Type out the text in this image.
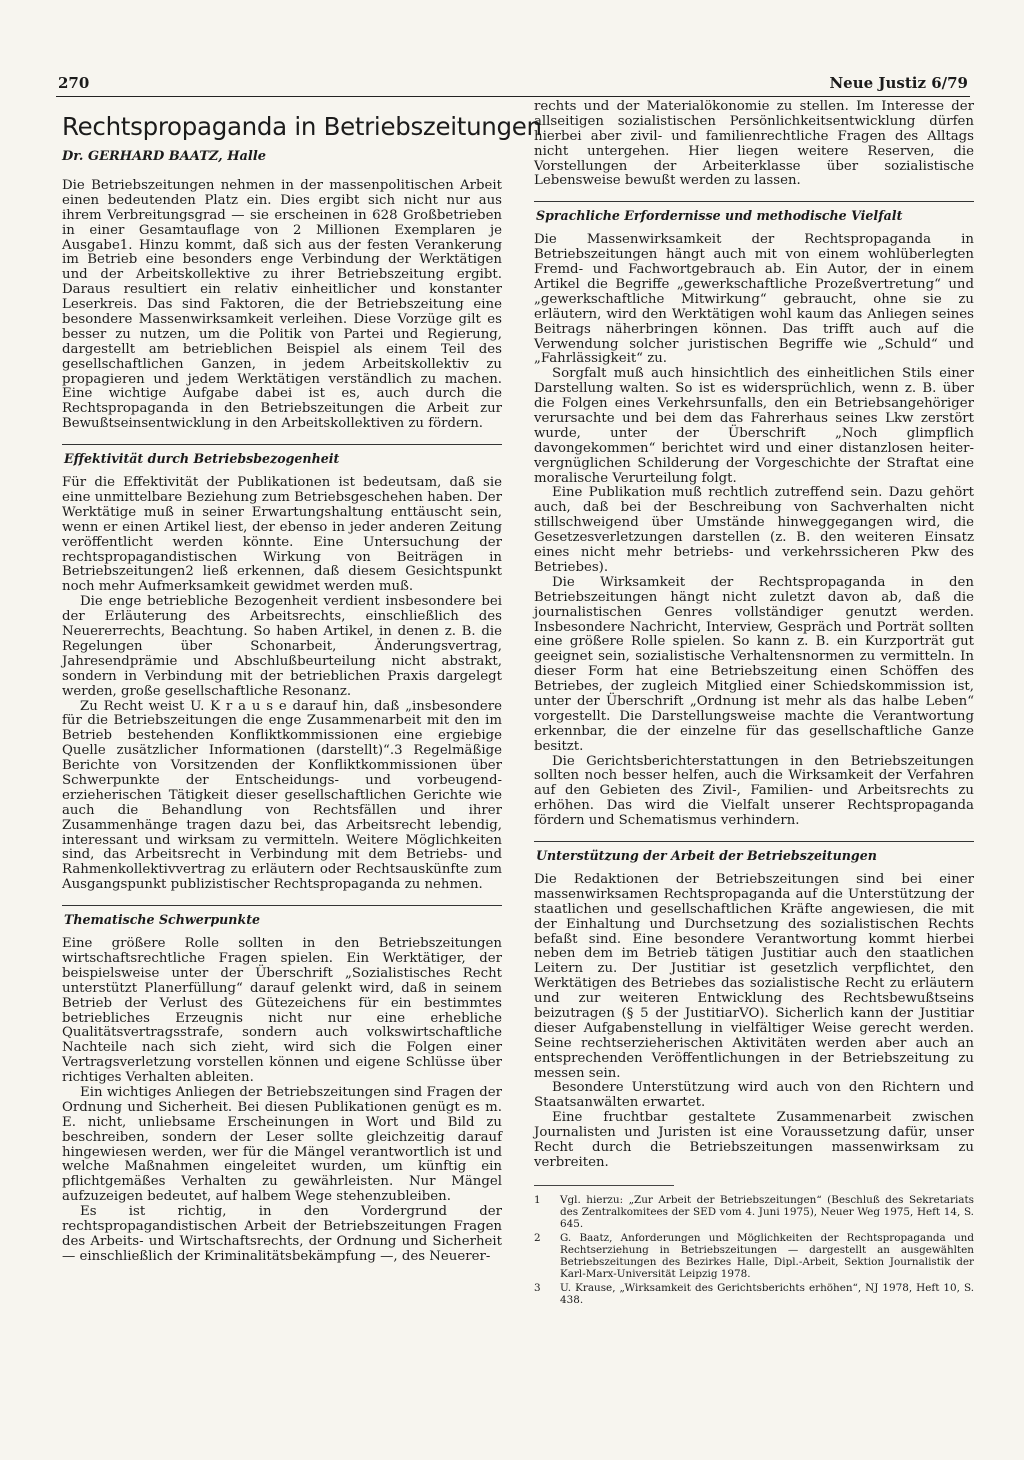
270	Neue Justiz 6/79
Rechtspropaganda in Betriebszeitungen
Dr. GERHARD BAATZ, Halle

Die Betriebszeitungen nehmen in der massenpolitischen Arbeit einen bedeutenden Platz ein. Dies ergibt sich nicht nur aus ihrem Verbreitungsgrad — sie erscheinen in 628 Großbetrieben in einer Gesamtauflage von 2 Millionen Exemplaren je Ausgabe1. Hinzu kommt, daß sich aus der festen Verankerung im Betrieb eine besonders enge Verbindung der Werktätigen und der Arbeitskollektive zu ihrer Betriebszeitung ergibt. Daraus resultiert ein relativ einheitlicher und konstanter Leserkreis. Das sind Faktoren, die der Betriebszeitung eine besondere Massenwirksamkeit verleihen. Diese Vorzüge gilt es besser zu nutzen, um die Politik von Partei und Regierung, dargestellt am betrieblichen Beispiel als einem Teil des gesellschaftlichen Ganzen, in jedem Arbeitskollektiv zu propagieren und jedem Werktätigen verständlich zu machen. Eine wichtige Aufgabe dabei ist es, auch durch die Rechtspropaganda in den Betriebszeitungen die Arbeit zur Bewußtseinsentwicklung in den Arbeitskollektiven zu fördern.

Effektivität durch Betriebsbezogenheit

Für die Effektivität der Publikationen ist bedeutsam, daß sie eine unmittelbare Beziehung zum Betriebsgeschehen haben. Der Werktätige muß in seiner Erwartungshaltung enttäuscht sein, wenn er einen Artikel liest, der ebenso in jeder anderen Zeitung veröffentlicht werden könnte. Eine Untersuchung der rechtspropagandistischen Wirkung von Beiträgen in Betriebszeitungen2 ließ erkennen, daß diesem Gesichtspunkt noch mehr Aufmerksamkeit gewidmet werden muß.

Die enge betriebliche Bezogenheit verdient insbesondere bei der Erläuterung des Arbeitsrechts, einschließlich des Neuererrechts, Beachtung. So haben Artikel, in denen z. B. die Regelungen über Schonarbeit, Änderungsvertrag, Jahresendprämie und Abschlußbeurteilung nicht abstrakt, sondern in Verbindung mit der betrieblichen Praxis dargelegt werden, große gesellschaftliche Resonanz.

Zu Recht weist U. K r a u s e darauf hin, daß „insbesondere für die Betriebszeitungen die enge Zusammenarbeit mit den im Betrieb bestehenden Konfliktkommissionen eine ergiebige Quelle zusätzlicher Informationen (darstellt)“.3 Regelmäßige Berichte von Vorsitzenden der Konfliktkommissionen über Schwerpunkte der Entscheidungs- und vorbeugend-erzieherischen Tätigkeit dieser gesellschaftlichen Gerichte wie auch die Behandlung von Rechtsfällen und ihrer Zusammenhänge tragen dazu bei, das Arbeitsrecht lebendig, interessant und wirksam zu vermitteln. Weitere Möglichkeiten sind, das Arbeitsrecht in Verbindung mit dem Betriebs- und Rahmenkollektivvertrag zu erläutern oder Rechtsauskünfte zum Ausgangspunkt publizistischer Rechtspropaganda zu nehmen.

Thematische Schwerpunkte

Eine größere Rolle sollten in den Betriebszeitungen wirtschaftsrechtliche Fragen spielen. Ein Werktätiger, der beispielsweise unter der Überschrift „Sozialistisches Recht unterstützt Planerfüllung“ darauf gelenkt wird, daß in seinem Betrieb der Verlust des Gütezeichens für ein bestimmtes betriebliches Erzeugnis nicht nur eine erhebliche Qualitätsvertragsstrafe, sondern auch volkswirtschaftliche Nachteile nach sich zieht, wird sich die Folgen einer Vertragsverletzung vorstellen können und eigene Schlüsse über richtiges Verhalten ableiten.

Ein wichtiges Anliegen der Betriebszeitungen sind Fragen der Ordnung und Sicherheit. Bei diesen Publikationen genügt es m. E. nicht, unliebsame Erscheinungen in Wort und Bild zu beschreiben, sondern der Leser sollte gleichzeitig darauf hingewiesen werden, wer für die Mängel verantwortlich ist und welche Maßnahmen eingeleitet wurden, um künftig ein pflichtgemäßes Verhalten zu gewährleisten. Nur Mängel aufzuzeigen bedeutet, auf halbem Wege stehenzubleiben.

Es ist richtig, in den Vordergrund der rechtspropagandistischen Arbeit der Betriebszeitungen Fragen des Arbeits- und Wirtschaftsrechts, der Ordnung und Sicherheit — einschließlich der Kriminalitätsbekämpfung —, des Neuerer-

rechts und der Materialökonomie zu stellen. Im Interesse der allseitigen sozialistischen Persönlichkeitsentwicklung dürfen hierbei aber zivil- und familienrechtliche Fragen des Alltags nicht untergehen. Hier liegen weitere Reserven, die Vorstellungen der Arbeiterklasse über sozialistische Lebensweise bewußt werden zu lassen.

Sprachliche Erfordernisse und methodische Vielfalt

Die Massenwirksamkeit der Rechtspropaganda in Betriebszeitungen hängt auch mit von einem wohlüberlegten Fremd- und Fachwortgebrauch ab. Ein Autor, der in einem Artikel die Begriffe „gewerkschaftliche Prozeßvertretung“ und „gewerkschaftliche Mitwirkung“ gebraucht, ohne sie zu erläutern, wird den Werktätigen wohl kaum das Anliegen seines Beitrags näherbringen können. Das trifft auch auf die Verwendung solcher juristischen Begriffe wie „Schuld“ und „Fahrlässigkeit“ zu.

Sorgfalt muß auch hinsichtlich des einheitlichen Stils einer Darstellung walten. So ist es widersprüchlich, wenn z. B. über die Folgen eines Verkehrsunfalls, den ein Betriebsangehöriger verursachte und bei dem das Fahrerhaus seines Lkw zerstört wurde, unter der Überschrift „Noch glimpflich davongekommen“ berichtet wird und einer distanzlosen heiter-vergnüglichen Schilderung der Vorgeschichte der Straftat eine moralische Verurteilung folgt.

Eine Publikation muß rechtlich zutreffend sein. Dazu gehört auch, daß bei der Beschreibung von Sachverhalten nicht stillschweigend über Umstände hinweggegangen wird, die Gesetzesverletzungen darstellen (z. B. den weiteren Einsatz eines nicht mehr betriebs- und verkehrssicheren Pkw des Betriebes).

Die Wirksamkeit der Rechtspropaganda in den Betriebszeitungen hängt nicht zuletzt davon ab, daß die journalistischen Genres vollständiger genutzt werden. Insbesondere Nachricht, Interview, Gespräch und Porträt sollten eine größere Rolle spielen. So kann z. B. ein Kurzporträt gut geeignet sein, sozialistische Verhaltensnormen zu vermitteln. In dieser Form hat eine Betriebszeitung einen Schöffen des Betriebes, der zugleich Mitglied einer Schiedskommission ist, unter der Überschrift „Ordnung ist mehr als das halbe Leben“ vorgestellt. Die Darstellungsweise machte die Verantwortung erkennbar, die der einzelne für das gesellschaftliche Ganze besitzt.

Die Gerichtsberichterstattungen in den Betriebszeitungen sollten noch besser helfen, auch die Wirksamkeit der Verfahren auf den Gebieten des Zivil-, Familien- und Arbeitsrechts zu erhöhen. Das wird die Vielfalt unserer Rechtspropaganda fördern und Schematismus verhindern.

Unterstützung der Arbeit der Betriebszeitungen

Die Redaktionen der Betriebszeitungen sind bei einer massenwirksamen Rechtspropaganda auf die Unterstützung der staatlichen und gesellschaftlichen Kräfte angewiesen, die mit der Einhaltung und Durchsetzung des sozialistischen Rechts befaßt sind. Eine besondere Verantwortung kommt hierbei neben dem im Betrieb tätigen Justitiar auch den staatlichen Leitern zu. Der Justitiar ist gesetzlich verpflichtet, den Werktätigen des Betriebes das sozialistische Recht zu erläutern und zur weiteren Entwicklung des Rechtsbewußtseins beizutragen (§ 5 der JustitiarVO). Sicherlich kann der Justitiar dieser Aufgabenstellung in vielfältiger Weise gerecht werden. Seine rechtserzieherischen Aktivitäten werden aber auch an entsprechenden Veröffentlichungen in der Betriebszeitung zu messen sein.

Besondere Unterstützung wird auch von den Richtern und Staatsanwälten erwartet.

Eine fruchtbar gestaltete Zusammenarbeit zwischen Journalisten und Juristen ist eine Voraussetzung dafür, unser Recht durch die Betriebszeitungen massenwirksam zu verbreiten.

1	Vgl. hierzu: „Zur Arbeit der Betriebszeitungen“ (Beschluß des Sekretariats des Zentralkomitees der SED vom 4. Juni 1975), Neuer Weg 1975, Heft 14, S. 645.
2	G. Baatz, Anforderungen und Möglichkeiten der Rechtspropaganda und Rechtserziehung in Betriebszeitungen — dargestellt an ausgewählten Betriebszeitungen des Bezirkes Halle, Dipl.-Arbeit, Sektion Journalistik der Karl-Marx-Universität Leipzig 1978.
3	U. Krause, „Wirksamkeit des Gerichtsberichts erhöhen“, NJ 1978, Heft 10, S. 438.
